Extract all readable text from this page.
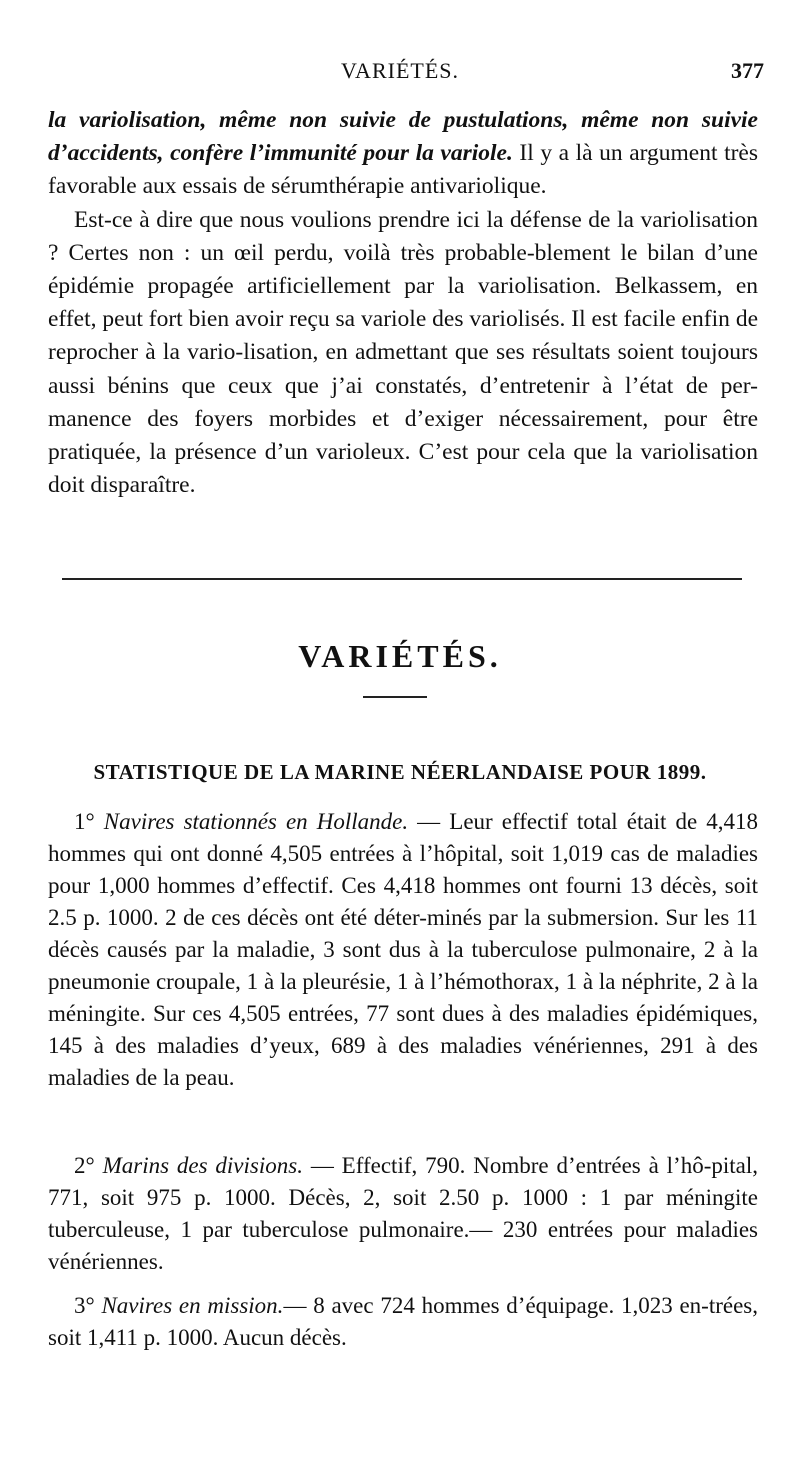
VARIÉTÉS.	377

la variolisation, même non suivie de pustulations, même non suivie d’accidents, confère l’immunité pour la variole. Il y a là un argument très favorable aux essais de sérumthérapie antivariolique.

Est-ce à dire que nous voulions prendre ici la défense de la variolisation ? Certes non : un œil perdu, voilà très probable-blement le bilan d’une épidémie propagée artificiellement par la variolisation. Belkassem, en effet, peut fort bien avoir reçu sa variole des variolisés. Il est facile enfin de reprocher à la vario-lisation, en admettant que ses résultats soient toujours aussi bénins que ceux que j’ai constatés, d’entretenir à l’état de per-manence des foyers morbides et d’exiger nécessairement, pour être pratiquée, la présence d’un varioleux. C’est pour cela que la variolisation doit disparaître.

VARIÉTÉS.
STATISTIQUE DE LA MARINE NÉERLANDAISE POUR 1899.

1° Navires stationnés en Hollande. — Leur effectif total était de 4,418 hommes qui ont donné 4,505 entrées à l’hôpital, soit 1,019 cas de maladies pour 1,000 hommes d’effectif. Ces 4,418 hommes ont fourni 13 décès, soit 2.5 p. 1000. 2 de ces décès ont été déter-minés par la submersion. Sur les 11 décès causés par la maladie, 3 sont dus à la tuberculose pulmonaire, 2 à la pneumonie croupale, 1 à la pleurésie, 1 à l’hémothorax, 1 à la néphrite, 2 à la méningite. Sur ces 4,505 entrées, 77 sont dues à des maladies épidémiques, 145 à des maladies d’yeux, 689 à des maladies vénériennes, 291 à des maladies de la peau.

2° Marins des divisions. — Effectif, 790. Nombre d’entrées à l’hô-pital, 771, soit 975 p. 1000. Décès, 2, soit 2.50 p. 1000 : 1 par méningite tuberculeuse, 1 par tuberculose pulmonaire.— 230 entrées pour maladies vénériennes.

3° Navires en mission.— 8 avec 724 hommes d’équipage. 1,023 en-trées, soit 1,411 p. 1000. Aucun décès.
